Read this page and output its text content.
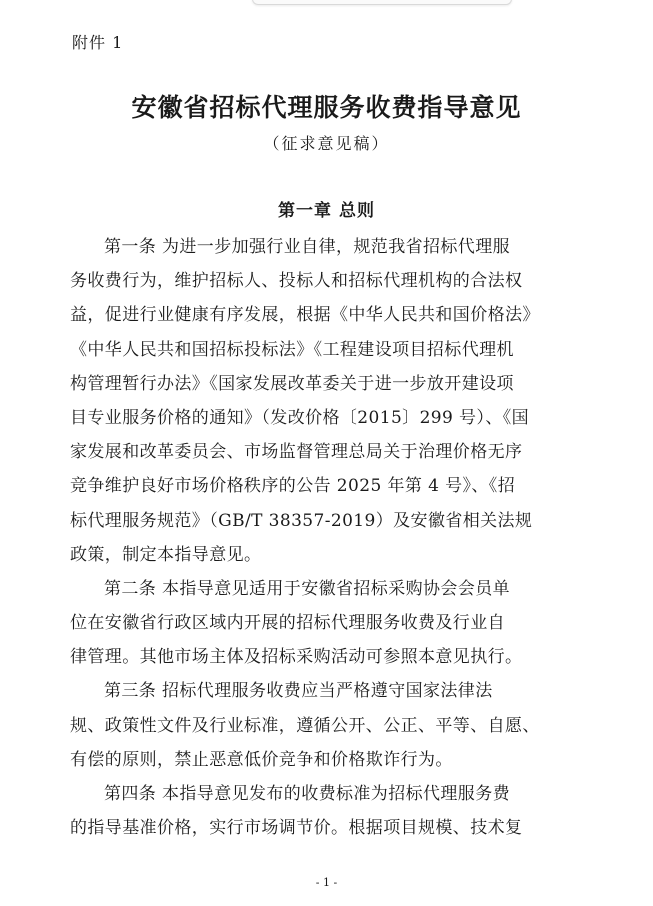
附件 1
安徽省招标代理服务收费指导意见
（征求意见稿）
第一章 总则
第一条 为进一步加强行业自律，规范我省招标代理服
务收费行为，维护招标人、投标人和招标代理机构的合法权
益，促进行业健康有序发展，根据《中华人民共和国价格法》
《中华人民共和国招标投标法》《工程建设项目招标代理机
构管理暂行办法》《国家发展改革委关于进一步放开建设项
目专业服务价格的通知》（发改价格〔2015〕299 号）、《国
家发展和改革委员会、市场监督管理总局关于治理价格无序
竞争维护良好市场价格秩序的公告 2025 年第 4 号》、《招
标代理服务规范》（GB/T 38357-2019）及安徽省相关法规
政策，制定本指导意见。
第二条 本指导意见适用于安徽省招标采购协会会员单
位在安徽省行政区域内开展的招标代理服务收费及行业自
律管理。其他市场主体及招标采购活动可参照本意见执行。
第三条 招标代理服务收费应当严格遵守国家法律法
规、政策性文件及行业标准，遵循公开、公正、平等、自愿、
有偿的原则，禁止恶意低价竞争和价格欺诈行为。
第四条 本指导意见发布的收费标准为招标代理服务费
的指导基准价格，实行市场调节价。根据项目规模、技术复
- 1 -
